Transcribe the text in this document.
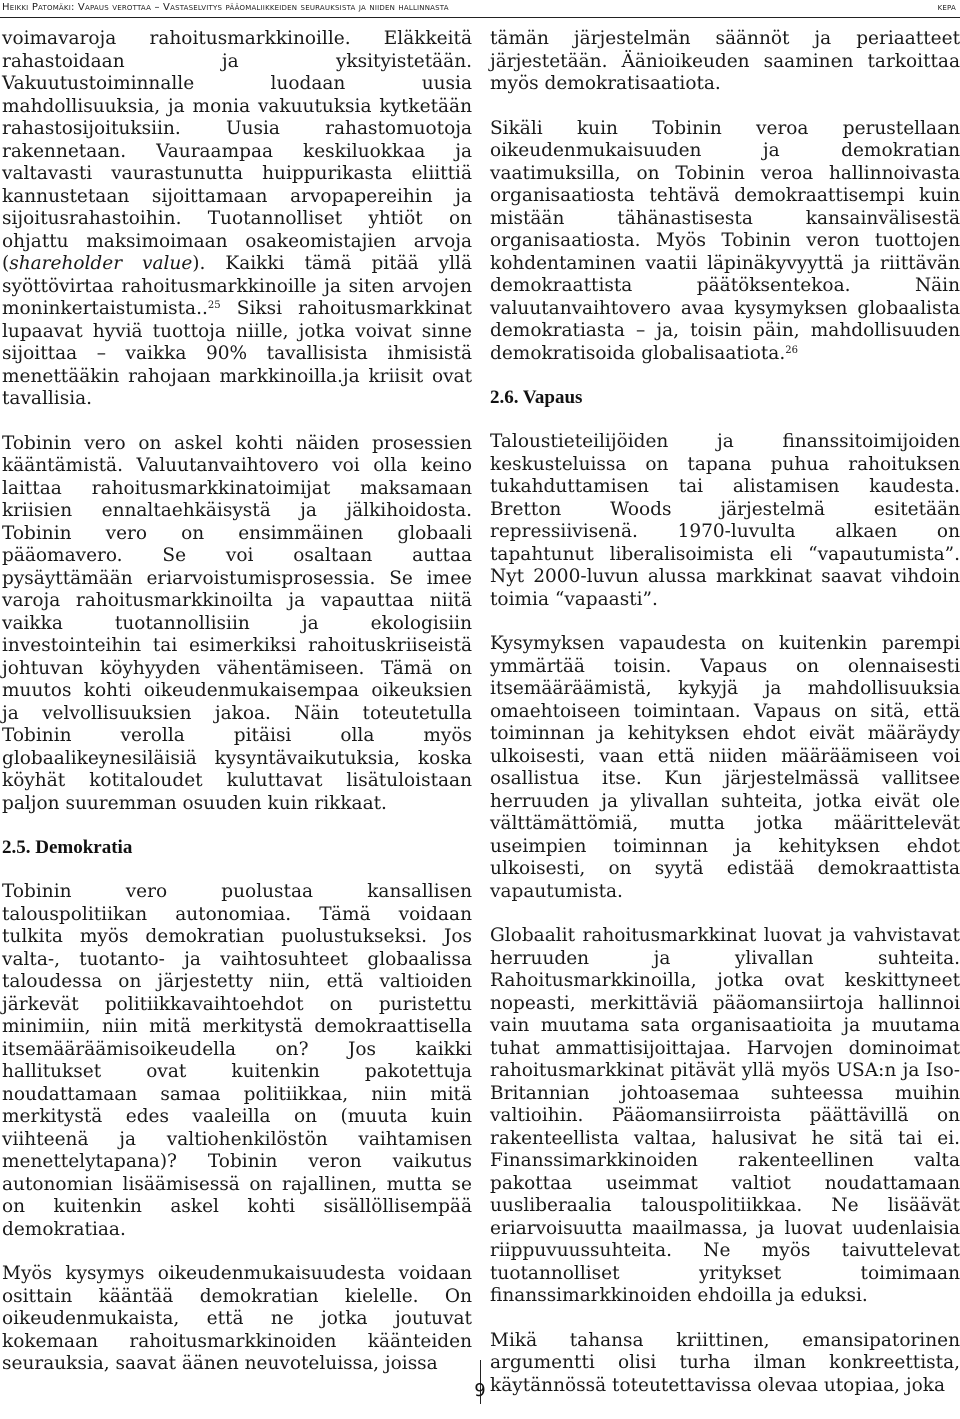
Heikki Patomäki: Vapaus verottaa – Vastaselvitys pääomaliikkeiden seurauksista ja niiden hallinnasta	kepa

voimavaroja rahoitusmarkkinoille. Eläkkeitä rahastoidaan ja yksityistetään. Vakuutustoiminnalle luodaan uusia mahdollisuuksia, ja monia vakuutuksia kytketään rahastosijoituksiin. Uusia rahastomuotoja rakennetaan. Vauraampaa keskiluokkaa ja valtavasti vaurastunutta huippurikasta eliittiä kannustetaan sijoittamaan arvopapereihin ja sijoitusrahastoihin. Tuotannolliset yhtiöt on ohjattu maksimoimaan osakeomistajien arvoja (shareholder value). Kaikki tämä pitää yllä syöttövirtaa rahoitusmarkkinoille ja siten arvojen moninkertaistumista..$^{25}$ Siksi rahoitusmarkkinat lupaavat hyviä tuottoja niille, jotka voivat sinne sijoittaa – vaikka 90% tavallisista ihmisistä menettääkin rahojaan markkinoilla.ja kriisit ovat tavallisia.

Tobinin vero on askel kohti näiden prosessien kääntämistä. Valuutanvaihtovero voi olla keino laittaa rahoitusmarkkinatoimijat maksamaan kriisien ennaltaehkäisystä ja jälkihoidosta. Tobinin vero on ensimmäinen globaali pääomavero. Se voi osaltaan auttaa pysäyttämään eriarvoistumisprosessia. Se imee varoja rahoitusmarkkinoilta ja vapauttaa niitä vaikka tuotannollisiin ja ekologisiin investointeihin tai esimerkiksi rahoituskriiseistä johtuvan köyhyyden vähentämiseen. Tämä on muutos kohti oikeudenmukaisempaa oikeuksien ja velvollisuuksien jakoa. Näin toteutetulla Tobinin verolla pitäisi olla myös globaalikeynesiläisiä kysyntävaikutuksia, koska köyhät kotitaloudet kuluttavat lisätuloistaan paljon suuremman osuuden kuin rikkaat.

2.5. Demokratia

Tobinin vero puolustaa kansallisen talouspolitiikan autonomiaa. Tämä voidaan tulkita myös demokratian puolustukseksi. Jos valta-, tuotanto- ja vaihtosuhteet globaalissa taloudessa on järjestetty niin, että valtioiden järkevät politiikkavaihtoehdot on puristettu minimiin, niin mitä merkitystä demokraattisella itsemääräämisoikeudella on? Jos kaikki hallitukset ovat kuitenkin pakotettuja noudattamaan samaa politiikkaa, niin mitä merkitystä edes vaaleilla on (muuta kuin viihteenä ja valtiohenkilöstön vaihtamisen menettelytapana)? Tobinin veron vaikutus autonomian lisäämisessä on rajallinen, mutta se on kuitenkin askel kohti sisällöllisempää demokratiaa.

Myös kysymys oikeudenmukaisuudesta voidaan osittain kääntää demokratian kielelle. On oikeudenmukaista, että ne jotka joutuvat kokemaan rahoitusmarkkinoiden käänteiden seurauksia, saavat äänen neuvoteluissa, joissa

tämän järjestelmän säännöt ja periaatteet järjestetään. Äänioikeuden saaminen tarkoittaa myös demokratisaatiota.

Sikäli kuin Tobinin veroa perustellaan oikeudenmukaisuuden ja demokratian vaatimuksilla, on Tobinin veroa hallinnoivasta organisaatiosta tehtävä demokraattisempi kuin mistään tähänastisesta kansainvälisestä organisaatiosta. Myös Tobinin veron tuottojen kohdentaminen vaatii läpinäkyvyyttä ja riittävän demokraattista päätöksentekoa. Näin valuutanvaihtovero avaa kysymyksen globaalista demokratiasta – ja, toisin päin, mahdollisuuden demokratisoida globalisaatiota.$^{26}$

2.6. Vapaus

Taloustieteilijöiden ja finanssitoimijoiden keskusteluissa on tapana puhua rahoituksen tukahduttamisen tai alistamisen kaudesta. Bretton Woods järjestelmä esitetään repressiivisenä. 1970-luvulta alkaen on tapahtunut liberalisoimista eli “vapautumista”. Nyt 2000-luvun alussa markkinat saavat vihdoin toimia “vapaasti”.

Kysymyksen vapaudesta on kuitenkin parempi ymmärtää toisin. Vapaus on olennaisesti itsemääräämistä, kykyjä ja mahdollisuuksia omaehtoiseen toimintaan. Vapaus on sitä, että toiminnan ja kehityksen ehdot eivät määräydy ulkoisesti, vaan että niiden määräämiseen voi osallistua itse. Kun järjestelmässä vallitsee herruuden ja ylivallan suhteita, jotka eivät ole välttämättömiä, mutta jotka määrittelevät useimpien toiminnan ja kehityksen ehdot ulkoisesti, on syytä edistää demokraattista vapautumista.

Globaalit rahoitusmarkkinat luovat ja vahvistavat herruuden ja ylivallan suhteita. Rahoitusmarkkinoilla, jotka ovat keskittyneet nopeasti, merkittäviä pääomansiirtoja hallinnoi vain muutama sata organisaatioita ja muutama tuhat ammattisijoittajaa. Harvojen dominoimat rahoitusmarkkinat pitävät yllä myös USA:n ja Iso-Britannian johtoasemaa suhteessa muihin valtioihin. Pääomansiirroista päättävillä on rakenteellista valtaa, halusivat he sitä tai ei. Finanssimarkkinoiden rakenteellinen valta pakottaa useimmat valtiot noudattamaan uusliberaalia talouspolitiikkaa. Ne lisäävät eriarvoisuutta maailmassa, ja luovat uudenlaisia riippuvuussuhteita. Ne myös taivuttelevat tuotannolliset yritykset toimimaan finanssimarkkinoiden ehdoilla ja eduksi.

Mikä tahansa kriittinen, emansipatorinen argumentti olisi turha ilman konkreettista, käytännössä toteutettavissa olevaa utopiaa, joka

9
